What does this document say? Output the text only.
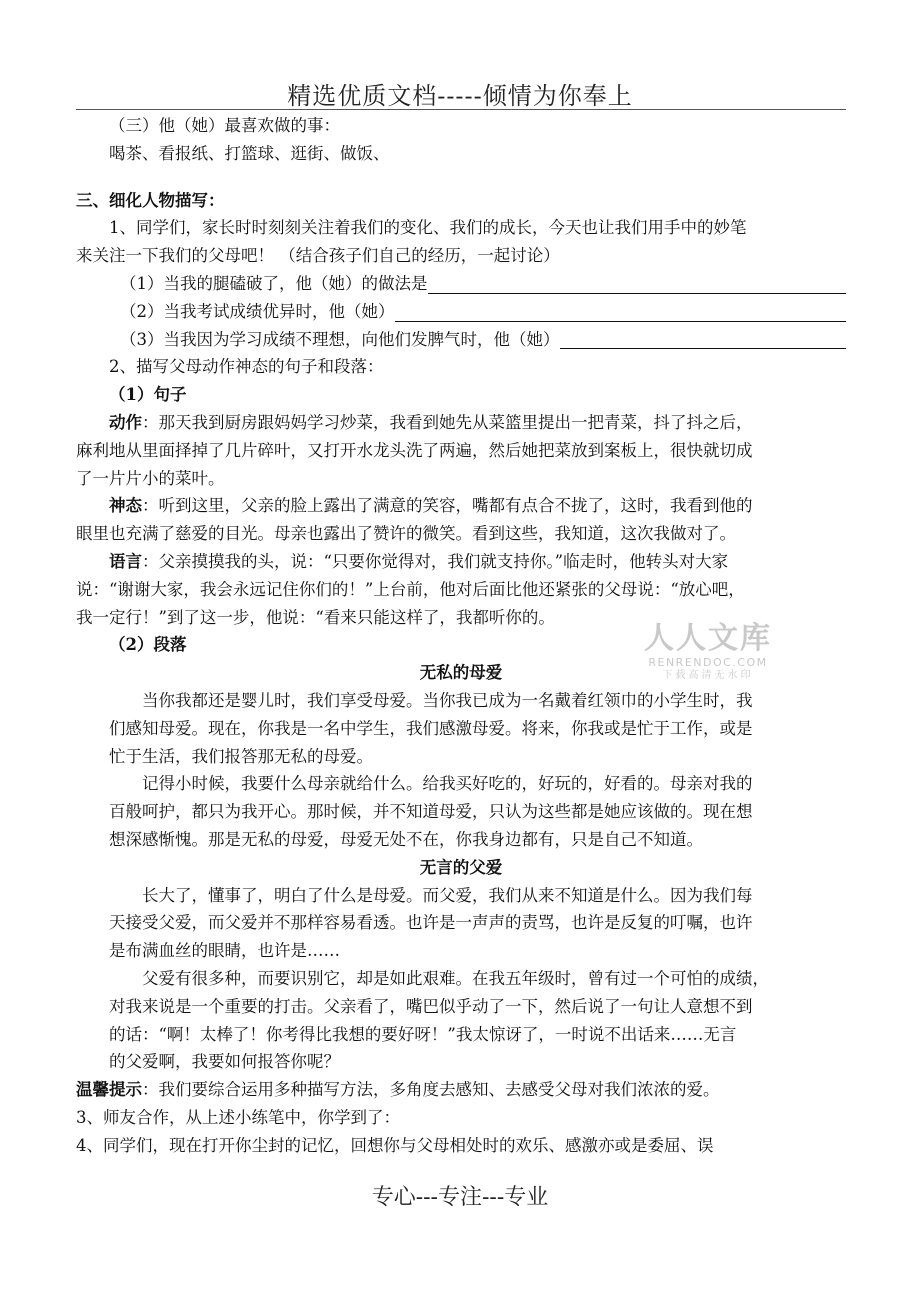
精选优质文档-----倾情为你奉上
（三）他（她）最喜欢做的事：
喝茶、看报纸、打篮球、逛街、做饭、
三、细化人物描写：
1、同学们，家长时时刻刻关注着我们的变化、我们的成长，今天也让我们用手中的妙笔
来关注一下我们的父母吧！ （结合孩子们自己的经历，一起讨论）
（1）当我的腿磕破了，他（她）的做法是
（2）当我考试成绩优异时，他（她）
（3）当我因为学习成绩不理想，向他们发脾气时，他（她）
2、描写父母动作神态的句子和段落：
（1）句子
动作：那天我到厨房跟妈妈学习炒菜，我看到她先从菜篮里提出一把青菜，抖了抖之后，
麻利地从里面择掉了几片碎叶，又打开水龙头洗了两遍，然后她把菜放到案板上，很快就切成
了一片片小的菜叶。
神态：听到这里，父亲的脸上露出了满意的笑容，嘴都有点合不拢了，这时，我看到他的
眼里也充满了慈爱的目光。母亲也露出了赞许的微笑。看到这些，我知道，这次我做对了。
语言：父亲摸摸我的头，说：“只要你觉得对，我们就支持你。”临走时，他转头对大家
说：“谢谢大家，我会永远记住你们的！”上台前，他对后面比他还紧张的父母说：“放心吧，
我一定行！”到了这一步，他说：“看来只能这样了，我都听你的。
（2）段落
无私的母爱
当你我都还是婴儿时，我们享受母爱。当你我已成为一名戴着红领巾的小学生时，我
们感知母爱。现在，你我是一名中学生，我们感激母爱。将来，你我或是忙于工作，或是
忙于生活，我们报答那无私的母爱。
记得小时候，我要什么母亲就给什么。给我买好吃的，好玩的，好看的。母亲对我的
百般呵护，都只为我开心。那时候，并不知道母爱，只认为这些都是她应该做的。现在想
想深感惭愧。那是无私的母爱，母爱无处不在，你我身边都有，只是自己不知道。
无言的父爱
长大了，懂事了，明白了什么是母爱。而父爱，我们从来不知道是什么。因为我们每
天接受父爱，而父爱并不那样容易看透。也许是一声声的责骂，也许是反复的叮嘱，也许
是布满血丝的眼睛，也许是……
父爱有很多种，而要识别它，却是如此艰难。在我五年级时，曾有过一个可怕的成绩，
对我来说是一个重要的打击。父亲看了，嘴巴似乎动了一下，然后说了一句让人意想不到
的话：“啊！太棒了！你考得比我想的要好呀！”我太惊讶了，一时说不出话来……无言
的父爱啊，我要如何报答你呢？
温馨提示：我们要综合运用多种描写方法，多角度去感知、去感受父母对我们浓浓的爱。
3、师友合作，从上述小练笔中，你学到了：
4、同学们，现在打开你尘封的记忆，回想你与父母相处时的欢乐、感激亦或是委屈、误
人人文库
RENRENDOC.COM
下载高清无水印
专心---专注---专业
